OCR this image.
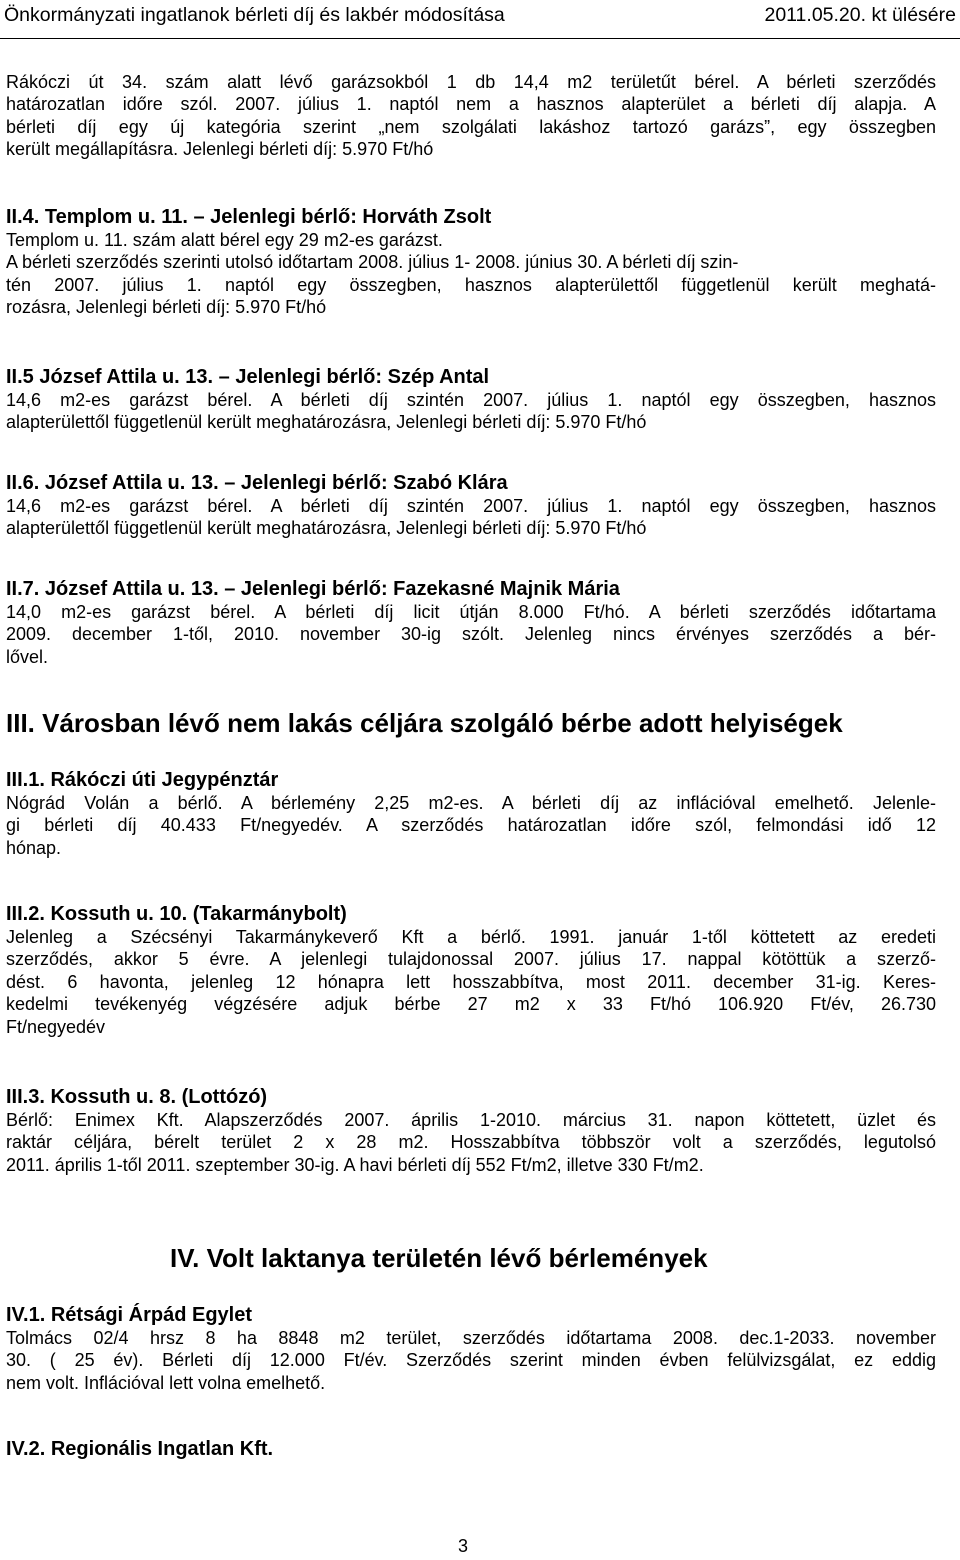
Önkormányzati ingatlanok bérleti díj és lakbér módosítása	2011.05.20. kt ülésére
Rákóczi út 34. szám alatt lévő garázsokból 1 db 14,4 m2 területűt bérel. A bérleti szerződés
határozatlan időre szól. 2007. július 1. naptól nem a hasznos alapterület a bérleti díj alapja. A
bérleti díj egy új kategória szerint „nem szolgálati lakáshoz tartozó garázs”, egy összegben
került megállapításra. Jelenlegi bérleti díj: 5.970 Ft/hó
II.4. Templom u. 11. – Jelenlegi bérlő: Horváth Zsolt
Templom u. 11. szám alatt bérel egy 29 m2-es garázst.
A bérleti szerződés szerinti utolsó időtartam 2008. július 1- 2008. június 30. A bérleti díj szin-
tén 2007. július 1. naptól egy összegben, hasznos alapterülettől függetlenül került meghatá-
rozásra, Jelenlegi bérleti díj: 5.970 Ft/hó
II.5 József Attila u. 13. – Jelenlegi bérlő: Szép Antal
14,6 m2-es garázst bérel. A bérleti díj szintén 2007. július 1. naptól egy összegben, hasznos
alapterülettől függetlenül került meghatározásra, Jelenlegi bérleti díj: 5.970 Ft/hó
II.6. József Attila u. 13. – Jelenlegi bérlő: Szabó Klára
14,6 m2-es garázst bérel. A bérleti díj szintén 2007. július 1. naptól egy összegben, hasznos
alapterülettől függetlenül került meghatározásra, Jelenlegi bérleti díj: 5.970 Ft/hó
II.7. József Attila u. 13. – Jelenlegi bérlő: Fazekasné Majnik Mária
14,0 m2-es garázst bérel. A bérleti díj licit útján 8.000 Ft/hó. A bérleti szerződés időtartama
2009. december 1-től, 2010. november 30-ig szólt. Jelenleg nincs érvényes szerződés a bér-
lővel.
III. Városban lévő nem lakás céljára szolgáló bérbe adott helyiségek
III.1. Rákóczi úti Jegypénztár
Nógrád Volán a bérlő. A bérlemény 2,25 m2-es. A bérleti díj az inflációval emelhető. Jelenle-
gi bérleti díj 40.433 Ft/negyedév. A szerződés határozatlan időre szól, felmondási idő 12
hónap.
III.2. Kossuth u. 10. (Takarmánybolt)
Jelenleg a Szécsényi Takarmánykeverő Kft a bérlő. 1991. január 1-től köttetett az eredeti
szerződés, akkor 5 évre. A jelenlegi tulajdonossal 2007. július 17. nappal kötöttük a szerző-
dést. 6 havonta, jelenleg 12 hónapra lett hosszabbítva, most 2011. december 31-ig. Keres-
kedelmi tevékenyég végzésére adjuk bérbe 27 m2 x 33 Ft/hó 106.920 Ft/év, 26.730
Ft/negyedév
III.3. Kossuth u. 8. (Lottózó)
Bérlő: Enimex Kft. Alapszerződés 2007. április 1-2010. március 31. napon köttetett, üzlet és
raktár céljára, bérelt terület 2 x 28 m2. Hosszabbítva többször volt a szerződés, legutolsó
2011. április 1-től 2011. szeptember 30-ig. A havi bérleti díj 552 Ft/m2, illetve 330 Ft/m2.
IV. Volt laktanya területén lévő bérlemények
IV.1. Rétsági Árpád Egylet
Tolmács 02/4 hrsz 8 ha 8848 m2 terület, szerződés időtartama 2008. dec.1-2033. november
30. ( 25 év). Bérleti díj 12.000 Ft/év. Szerződés szerint minden évben felülvizsgálat, ez eddig
nem volt. Inflációval lett volna emelhető.
IV.2. Regionális Ingatlan Kft.
3
